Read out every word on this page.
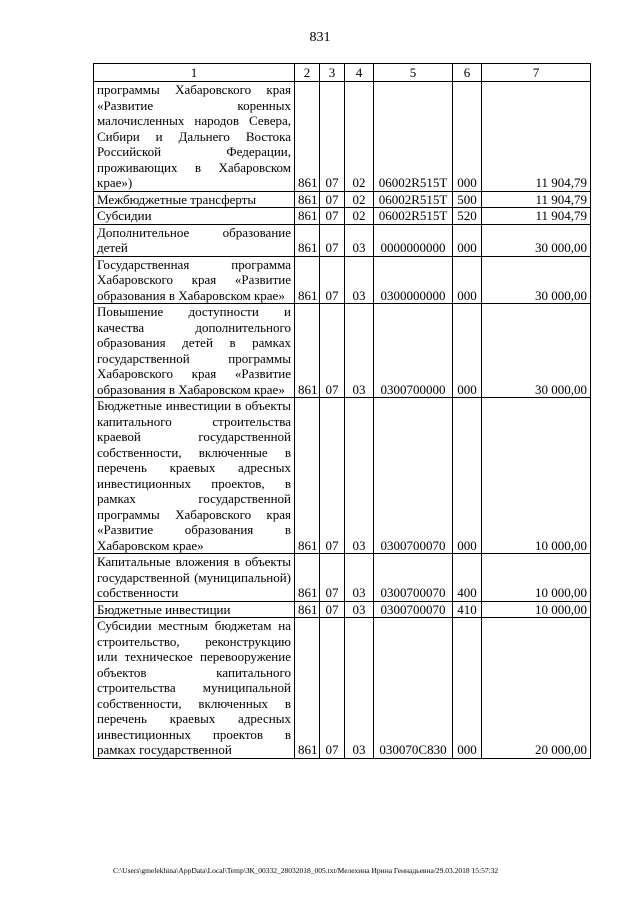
831
1	2	3	4	5	6	7
программы Хабаровского края «Развитие коренных малочисленных народов Севера, Сибири и Дальнего Востока Российской Федерации, проживающих в Хабаровском крае»)	861	07	02	06002R515T	000	11 904,79
Межбюджетные трансферты	861	07	02	06002R515T	500	11 904,79
Субсидии	861	07	02	06002R515T	520	11 904,79
Дополнительное образование детей	861	07	03	0000000000	000	30 000,00
Государственная программа Хабаровского края «Развитие образования в Хабаровском крае»	861	07	03	0300000000	000	30 000,00
Повышение доступности и качества дополнительного образования детей в рамках государственной программы Хабаровского края «Развитие образования в Хабаровском крае»	861	07	03	0300700000	000	30 000,00
Бюджетные инвестиции в объекты капитального строительства краевой государственной собственности, включенные в перечень краевых адресных инвестиционных проектов, в рамках государственной программы Хабаровского края «Развитие образования в Хабаровском крае»	861	07	03	0300700070	000	10 000,00
Капитальные вложения в объекты государственной (муниципальной) собственности	861	07	03	0300700070	400	10 000,00
Бюджетные инвестиции	861	07	03	0300700070	410	10 000,00
Субсидии местным бюджетам на строительство, реконструкцию или техническое перевооружение объектов капитального строительства муниципальной собственности, включенных в перечень краевых адресных инвестиционных проектов в рамках государственной	861	07	03	030070С830	000	20 000,00
C:\Users\gmelekhina\AppData\Local\Temp\ЗК_00332_28032018_005.txt/Мелехина Ирина Геннадьевна/29.03.2018 15:57:32
